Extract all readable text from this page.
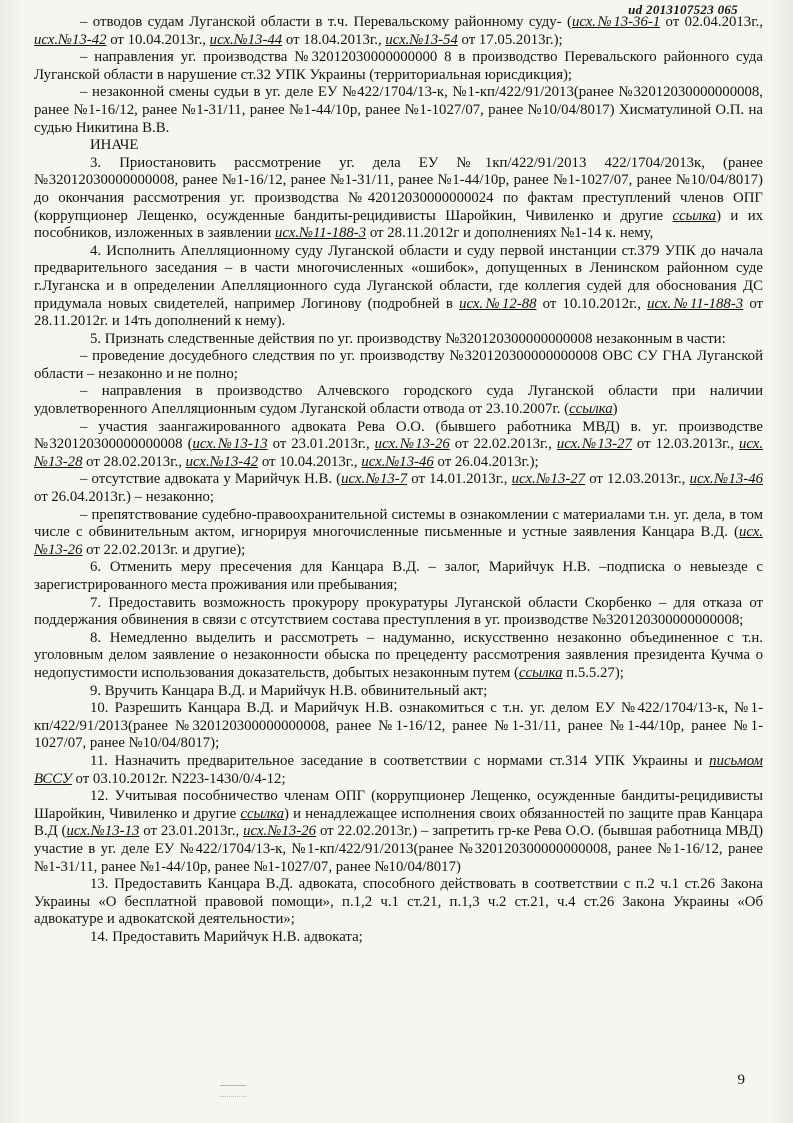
ud 2013107523 065

– отводов судам Луганской области в т.ч. Перевальскому районному суду- (исх.№13-36-1 от 02.04.2013г., исх.№13-42 от 10.04.2013г., исх.№13-44 от 18.04.2013г., исх.№13-54 от 17.05.2013г.);

– направления уг. производства №32012030000000000 8 в производство Перевальского районного суда Луганской области в нарушение ст.32 УПК Украины (территориальная юрисдикция);

– незаконной смены судьи в уг. деле ЕУ №422/1704/13-к, №1-кп/422/91/2013(ранее №32012030000000008, ранее №1-16/12, ранее №1-31/11, ранее №1-44/10р, ранее №1-1027/07, ранее №10/04/8017) Хисматулиной О.П. на судью Никитина В.В.

ИНАЧЕ

3. Приостановить рассмотрение уг. дела ЕУ №1кп/422/91/2013 422/1704/2013к, (ранее №32012030000000008, ранее №1-16/12, ранее №1-31/11, ранее №1-44/10р, ранее №1-1027/07, ранее №10/04/8017) до окончания рассмотрения уг. производства №42012030000000024 по фактам преступлений членов ОПГ (коррупционер Лещенко, осужденные бандиты-рецидивисты Шаройкин, Чивиленко и другие ссылка) и их пособников, изложенных в заявлении исх.№11-188-3 от 28.11.2012г и дополнениях №1-14 к. нему,

4. Исполнить Апелляционному суду Луганской области и суду первой инстанции ст.379 УПК до начала предварительного заседания – в части многочисленных «ошибок», допущенных в Ленинском районном суде г.Луганска и в определении Апелляционного суда Луганской области, где коллегия судей для обоснования ДС придумала новых свидетелей, например Логинову (подробней в исх.№12-88 от 10.10.2012г., исх.№11-188-3 от 28.11.2012г. и 14ть дополнений к нему).

5. Признать следственные действия по уг. производству №320120300000000008 незаконным в части:

– проведение досудебного следствия по уг. производству №320120300000000008 ОВС СУ ГНА Луганской области – незаконно и не полно;

– направления в производство Алчевского городского суда Луганской области при наличии удовлетворенного Апелляционным судом Луганской области отвода от 23.10.2007г. (ссылка)

– участия заангажированного адвоката Рева О.О. (бывшего работника МВД) в. уг. производстве №320120300000000008 (исх.№13-13 от 23.01.2013г., исх.№13-26 от 22.02.2013г., исх.№13-27 от 12.03.2013г., исх.№13-28 от 28.02.2013г., исх.№13-42 от 10.04.2013г., исх.№13-46 от 26.04.2013г.);

– отсутствие адвоката у Марийчук Н.В. (исх.№13-7 от 14.01.2013г., исх.№13-27 от 12.03.2013г., исх.№13-46 от 26.04.2013г.) – незаконно;

– препятствование судебно-правоохранительной системы в ознакомлении с материалами т.н. уг. дела, в том числе с обвинительным актом, игнорируя многочисленные письменные и устные заявления Канцара В.Д. (исх.№13-26 от 22.02.2013г. и другие);

6. Отменить меру пресечения для Канцара В.Д. – залог, Марийчук Н.В. –подписка о невыезде с зарегистрированного места проживания или пребывания;

7. Предоставить возможность прокурору прокуратуры Луганской области Скорбенко – для отказа от поддержания обвинения в связи с отсутствием состава преступления в уг. производстве №320120300000000008;

8. Немедленно выделить и рассмотреть – надуманно, искусственно незаконно объединенное с т.н. уголовным делом заявление о незаконности обыска по прецеденту рассмотрения заявления президента Кучма о недопустимости использования доказательств, добытых незаконным путем (ссылка п.5.5.27);

9. Вручить Канцара В.Д. и Марийчук Н.В. обвинительный акт;

10. Разрешить Канцара В.Д. и Марийчук Н.В. ознакомиться с т.н. уг. делом ЕУ №422/1704/13-к, №1-кп/422/91/2013(ранее №320120300000000008, ранее №1-16/12, ранее №1-31/11, ранее №1-44/10р, ранее №1-1027/07, ранее №10/04/8017);

11. Назначить предварительное заседание в соответствии с нормами ст.314 УПК Украины и письмом ВССУ от 03.10.2012г. N223-1430/0/4-12;

12. Учитывая пособничество членам ОПГ (коррупционер Лещенко, осужденные бандиты-рецидивисты Шаройкин, Чивиленко и другие ссылка) и ненадлежащее исполнения своих обязанностей по защите прав Канцара В.Д (исх.№13-13 от 23.01.2013г., исх.№13-26 от 22.02.2013г.) – запретить гр-ке Рева О.О. (бывшая работница МВД) участие в уг. деле ЕУ №422/1704/13-к, №1-кп/422/91/2013(ранее №320120300000000008, ранее №1-16/12, ранее №1-31/11, ранее №1-44/10р, ранее №1-1027/07, ранее №10/04/8017)

13. Предоставить Канцара В.Д. адвоката, способного действовать в соответствии с п.2 ч.1 ст.26 Закона Украины «О бесплатной правовой помощи», п.1,2 ч.1 ст.21, п.1,3 ч.2 ст.21, ч.4 ст.26 Закона Украины «Об адвокатуре и адвокатской деятельности»;

14. Предоставить Марийчук Н.В. адвоката;

9
